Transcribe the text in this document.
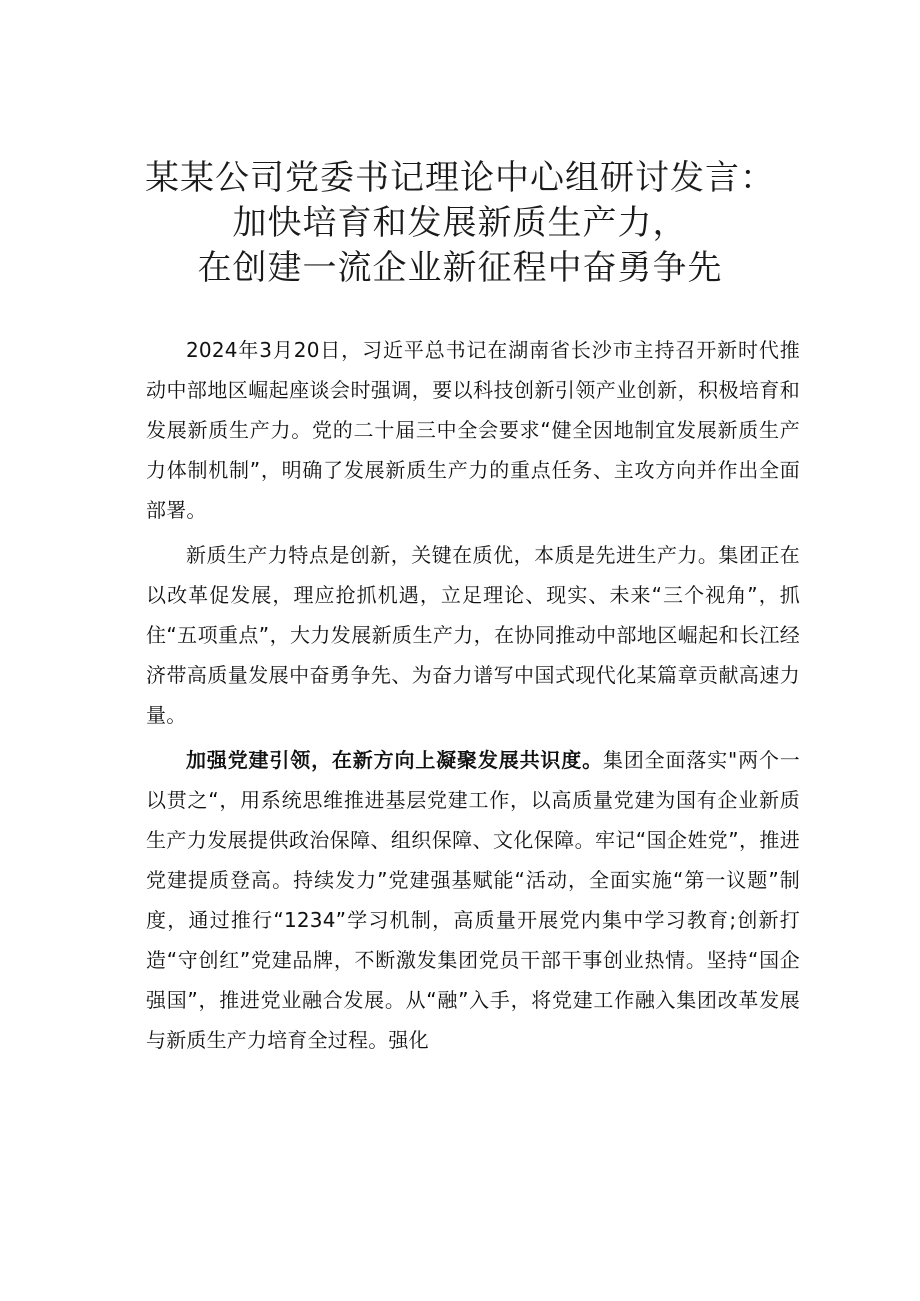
某某公司党委书记理论中心组研讨发言：
加快培育和发展新质生产力，
在创建一流企业新征程中奋勇争先

2024年3月20日，习近平总书记在湖南省长沙市主持召开新时代推动中部地区崛起座谈会时强调，要以科技创新引领产业创新，积极培育和发展新质生产力。党的二十届三中全会要求“健全因地制宜发展新质生产力体制机制”，明确了发展新质生产力的重点任务、主攻方向并作出全面部署。

新质生产力特点是创新，关键在质优，本质是先进生产力。集团正在以改革促发展，理应抢抓机遇，立足理论、现实、未来“三个视角”，抓住“五项重点”，大力发展新质生产力，在协同推动中部地区崛起和长江经济带高质量发展中奋勇争先、为奋力谱写中国式现代化某篇章贡献高速力量。

加强党建引领，在新方向上凝聚发展共识度。集团全面落实"两个一以贯之“，用系统思维推进基层党建工作，以高质量党建为国有企业新质生产力发展提供政治保障、组织保障、文化保障。牢记“国企姓党”，推进党建提质登高。持续发力”党建强基赋能“活动，全面实施“第一议题”制度，通过推行“1234”学习机制，高质量开展党内集中学习教育;创新打造“守创红”党建品牌，不断激发集团党员干部干事创业热情。坚持“国企强国”，推进党业融合发展。从“融”入手，将党建工作融入集团改革发展与新质生产力培育全过程。强化
